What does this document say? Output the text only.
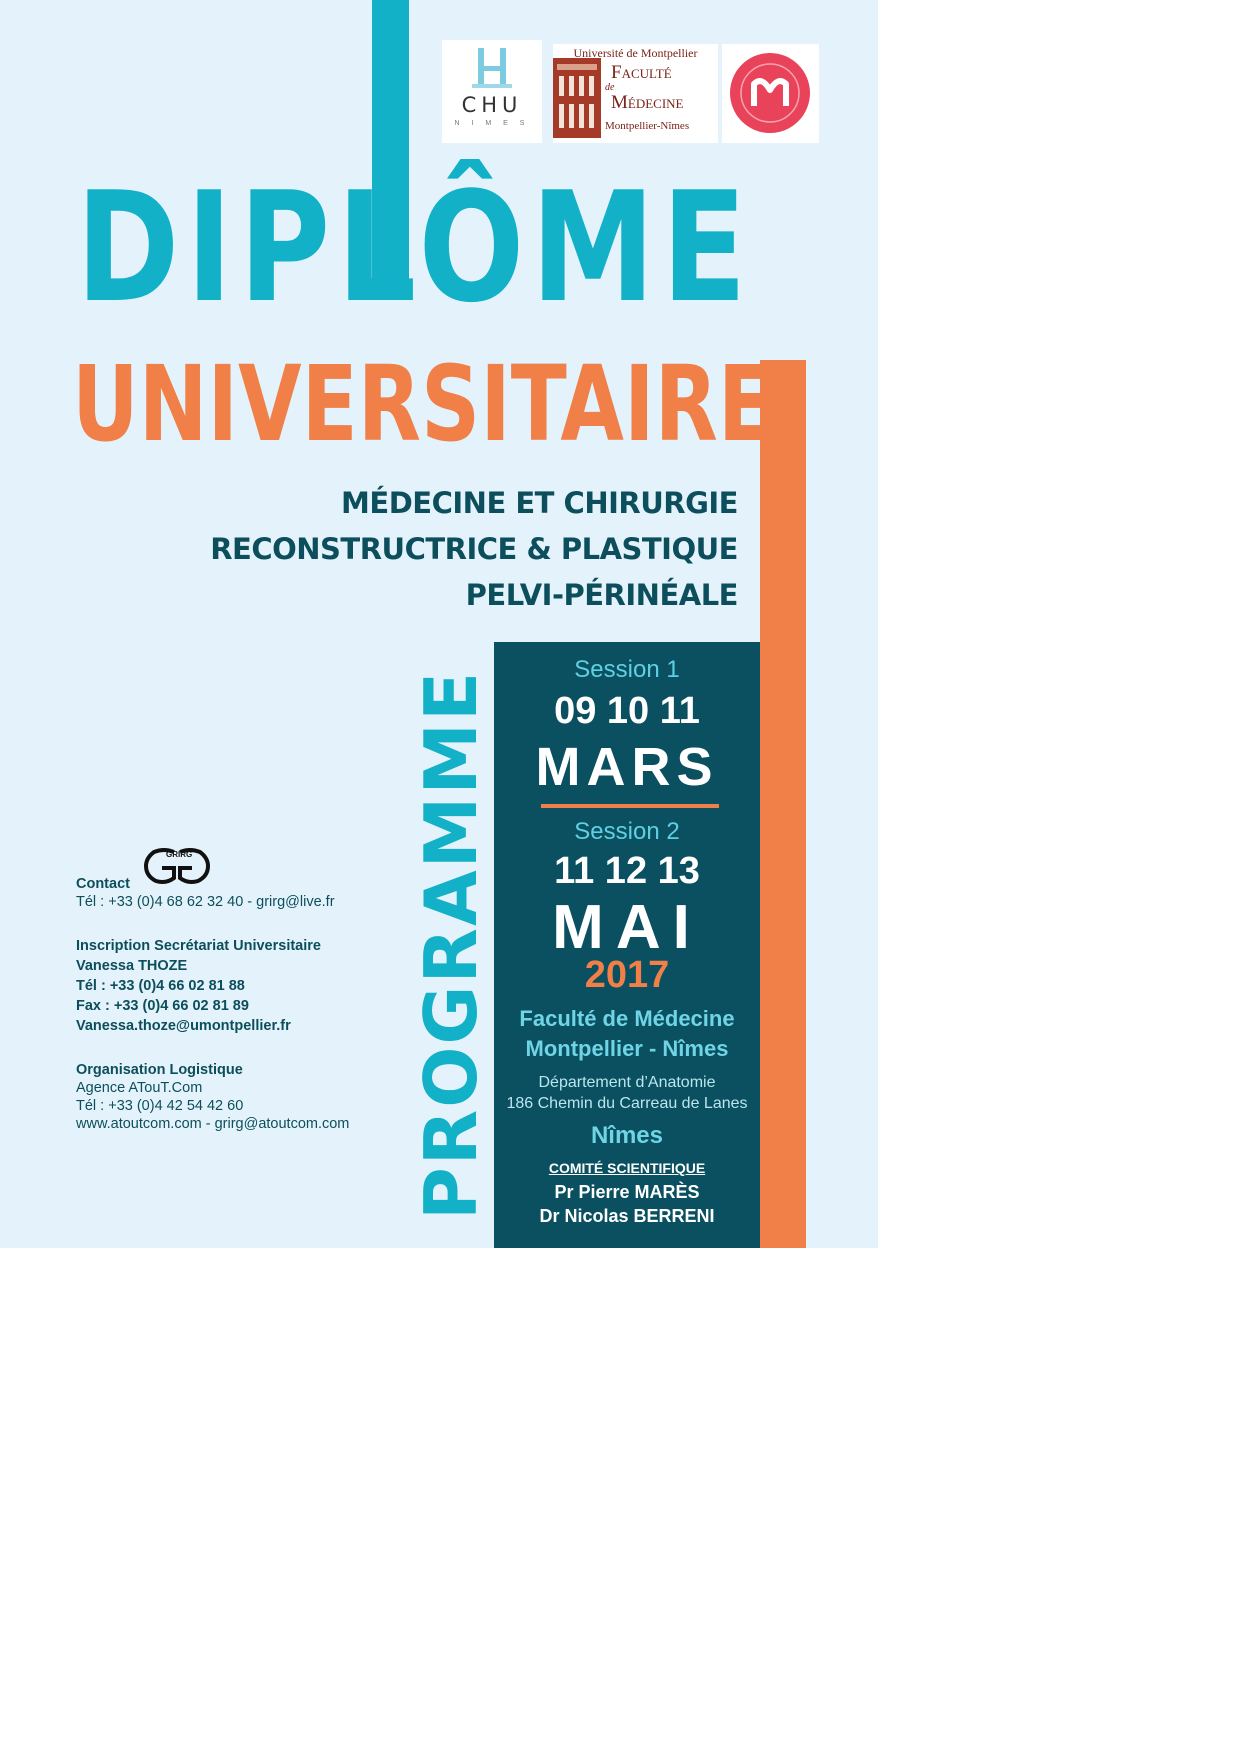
CHU
N I M E S
Université de Montpellier
Faculté
de
Médecine
Montpellier-Nîmes
DIPLÔME
UNIVERSITAIRE
MÉDECINE ET CHIRURGIE
RECONSTRUCTRICE & PLASTIQUE
PELVI-PÉRINÉALE
PROGRAMME
Session 1
09 10 11
MARS
Session 2
11 12 13
MAI
2017
Faculté de Médecine
Montpellier - Nîmes
Département d’Anatomie
186 Chemin du Carreau de Lanes
Nîmes
COMITÉ SCIENTIFIQUE
Pr Pierre MARÈS
Dr Nicolas BERRENI
GRIRG
Contact
Tél : +33 (0)4 68 62 32 40 - grirg@live.fr
Inscription Secrétariat Universitaire
Vanessa THOZE
Tél : +33 (0)4 66 02 81 88
Fax : +33 (0)4 66 02 81 89
Vanessa.thoze@umontpellier.fr
Organisation Logistique
Agence ATouT.Com
Tél : +33 (0)4 42 54 42 60
www.atoutcom.com - grirg@atoutcom.com
